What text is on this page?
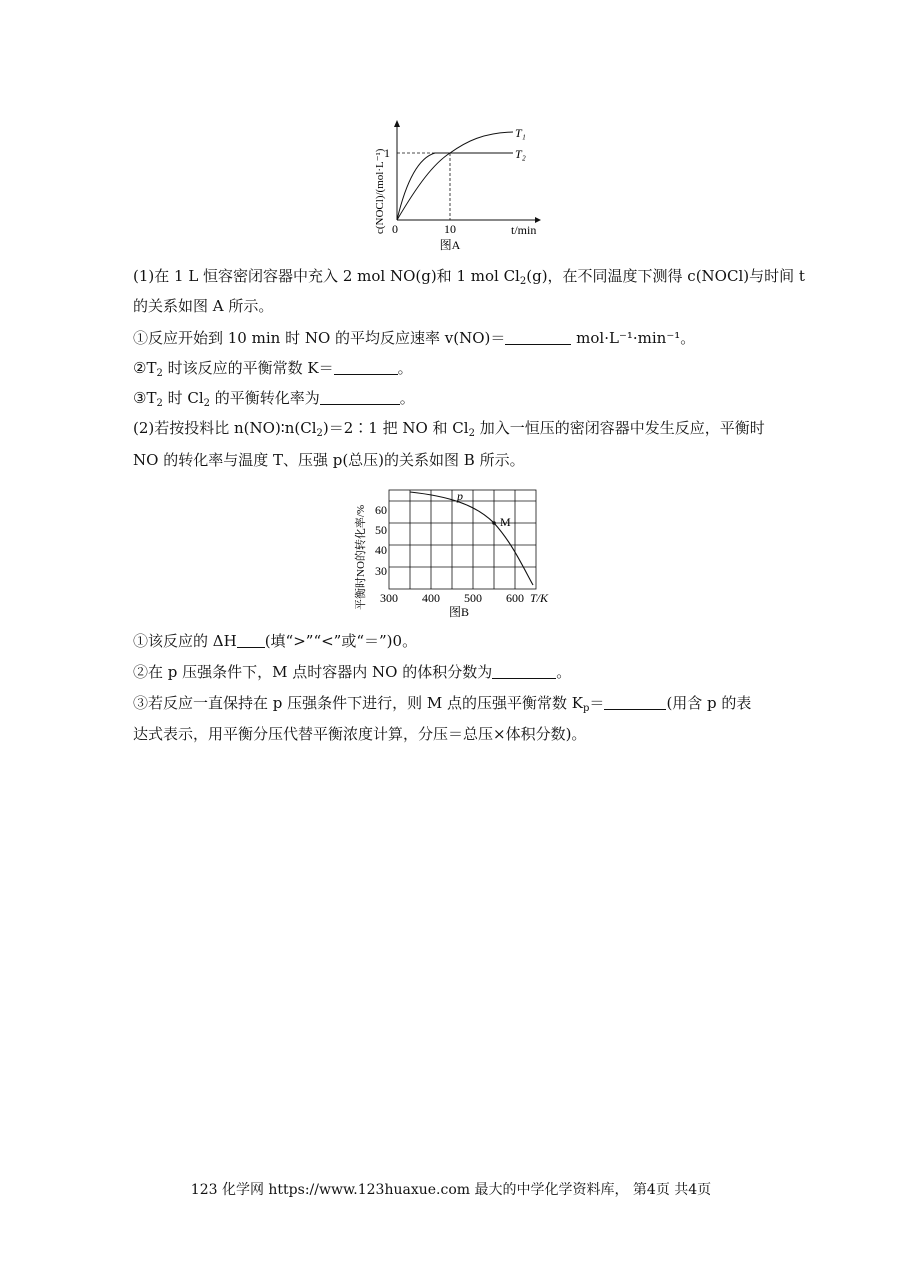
T₁
T₂
1
0	10	t/min
c(NOCl)/(mol·L⁻¹)
图A
(1)在 1 L 恒容密闭容器中充入 2 mol NO(g)和 1 mol $Cl_2(g)$，在不同温度下测得 c(NOCl)与时间 t
的关系如图 A 所示。
①反应开始到 10 min 时 NO 的平均反应速率 v(NO)＝	mol·L⁻¹·min⁻¹。
$②T_2$ 时该反应的平衡常数 K＝	。
$③T_2$ 时 $Cl_2$ 的平衡转化率为	。
(2)若按投料比 $n(NO)∶n(Cl_2)=2∶1$ 把 NO 和 $Cl_2$ 加入一恒压的密闭容器中发生反应，平衡时
NO 的转化率与温度 T、压强 p(总压)的关系如图 B 所示。
p
M
60
50
40
30
300 400 500 600 T/K
平衡时NO的转化率/%
图B
①该反应的 ΔH (填“>”“<”或“＝”)0。
②在 p 压强条件下，M 点时容器内 NO 的体积分数为	。
③若反应一直保持在 p 压强条件下进行，则 M 点的压强平衡常数 $K_p=$	(用含 p 的表
达式表示，用平衡分压代替平衡浓度计算，分压＝总压×体积分数)。
123 化学网 https://www.123huaxue.com 最大的中学化学资料库， 第4页 共4页
